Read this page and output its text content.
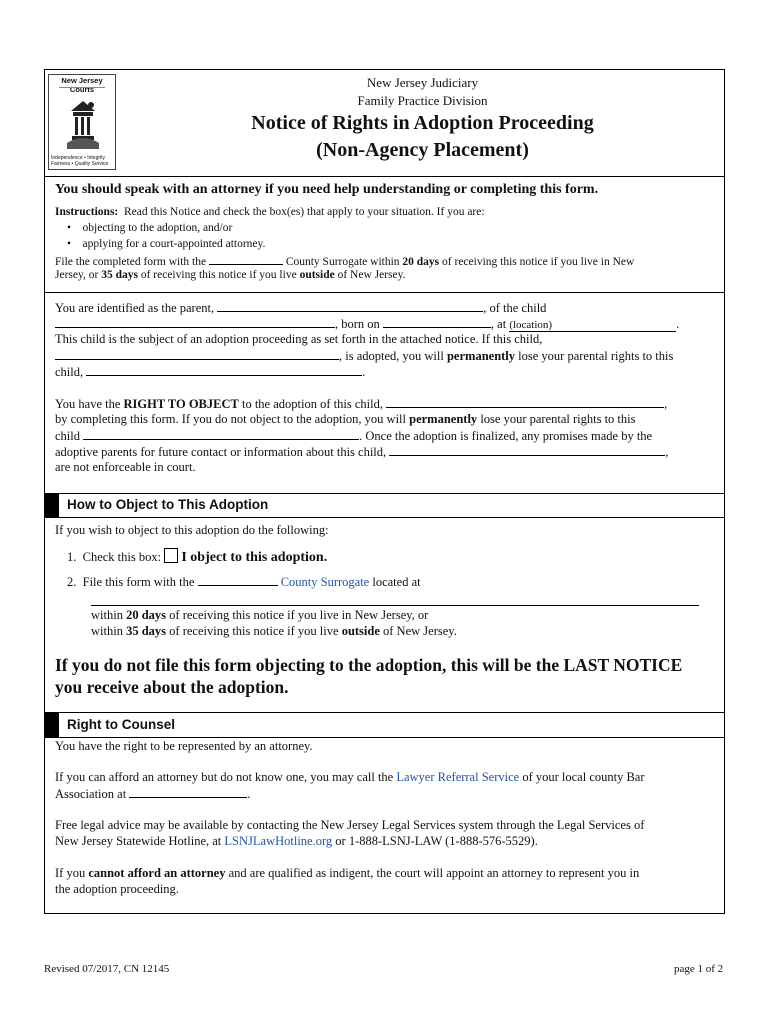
New Jersey Courts
Independence • Integrity Fairness • Quality Service
New Jersey Judiciary
Family Practice Division
Notice of Rights in Adoption Proceeding
(Non-Agency Placement)
You should speak with an attorney if you need help understanding or completing this form.
Instructions: Read this Notice and check the box(es) that apply to your situation. If you are:
•    objecting to the adoption, and/or
•    applying for a court-appointed attorney.
File the completed form with the	County Surrogate within 20 days of receiving this notice if you live in New
Jersey, or 35 days of receiving this notice if you live outside of New Jersey.
You are identified as the parent,	, of the child
, born on	, at (location)	.
This child is the subject of an adoption proceeding as set forth in the attached notice. If this child,
, is adopted, you will permanently lose your parental rights to this
child,	.
You have the RIGHT TO OBJECT to the adoption of this child,	,
by completing this form. If you do not object to the adoption, you will permanently lose your parental rights to this
child	. Once the adoption is finalized, any promises made by the
adoptive parents for future contact or information about this child,	,
are not enforceable in court.
How to Object to This Adoption
If you wish to object to this adoption do the following:
1. Check this box: I object to this adoption.
2. File this form with the	County Surrogate located at
within 20 days of receiving this notice if you live in New Jersey, or
within 35 days of receiving this notice if you live outside of New Jersey.
If you do not file this form objecting to the adoption, this will be the LAST NOTICE
you receive about the adoption.
Right to Counsel
You have the right to be represented by an attorney.
If you can afford an attorney but do not know one, you may call the Lawyer Referral Service of your local county Bar
Association at	.
Free legal advice may be available by contacting the New Jersey Legal Services system through the Legal Services of
New Jersey Statewide Hotline, at LSNJLawHotline.org or 1-888-LSNJ-LAW (1-888-576-5529).
If you cannot afford an attorney and are qualified as indigent, the court will appoint an attorney to represent you in
the adoption proceeding.
Revised 07/2017, CN 12145	page 1 of 2
